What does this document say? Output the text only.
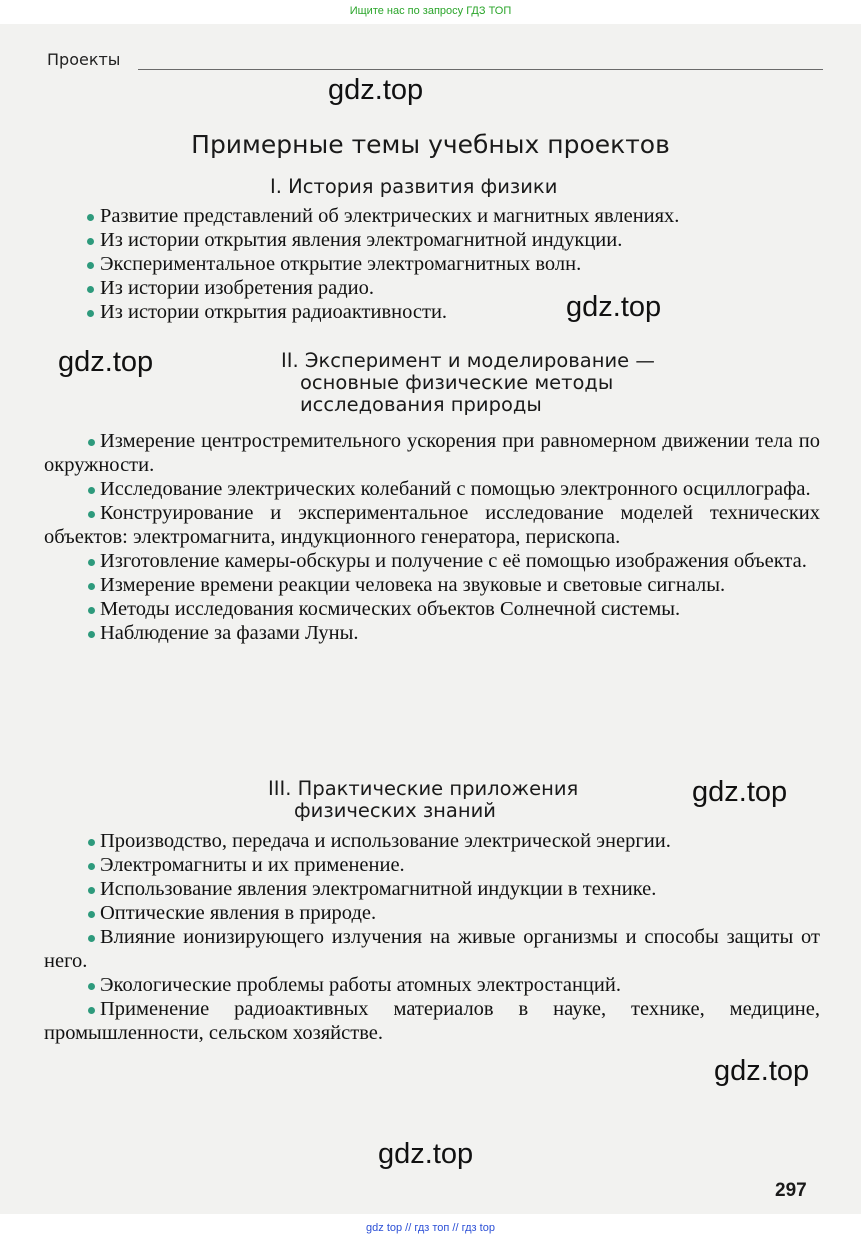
Ищите нас по запросу ГДЗ ТОП
Проекты
gdz.top
Примерные темы учебных проектов
I. История развития физики
Развитие представлений об электрических и магнитных явлениях.
Из истории открытия явления электромагнитной индукции.
Экспериментальное открытие электромагнитных волн.
Из истории изобретения радио.
Из истории открытия радиоактивности.	gdz.top
gdz.top	II. Эксперимент и моделирование —
основные физические методы
исследования природы
Измерение центростремительного ускорения при равномерном движении тела по окружности.
Исследование электрических колебаний с помощью электронного осциллографа.
Конструирование и экспериментальное исследование моделей технических объектов: электромагнита, индукционного генератора, перископа.
Изготовление камеры-обскуры и получение с её помощью изображения объекта.
Измерение времени реакции человека на звуковые и световые сигналы.
Методы исследования космических объектов Солнечной системы.
Наблюдение за фазами Луны.
III. Практические приложения
физических знаний
gdz.top
Производство, передача и использование электрической энергии.
Электромагниты и их применение.
Использование явления электромагнитной индукции в технике.
Оптические явления в природе.
Влияние ионизирующего излучения на живые организмы и способы защиты от него.
Экологические проблемы работы атомных электростанций.
Применение радиоактивных материалов в науке, технике, медицине, промышленности, сельском хозяйстве.
gdz.top
gdz.top
297
gdz top // гдз топ // гдз top
